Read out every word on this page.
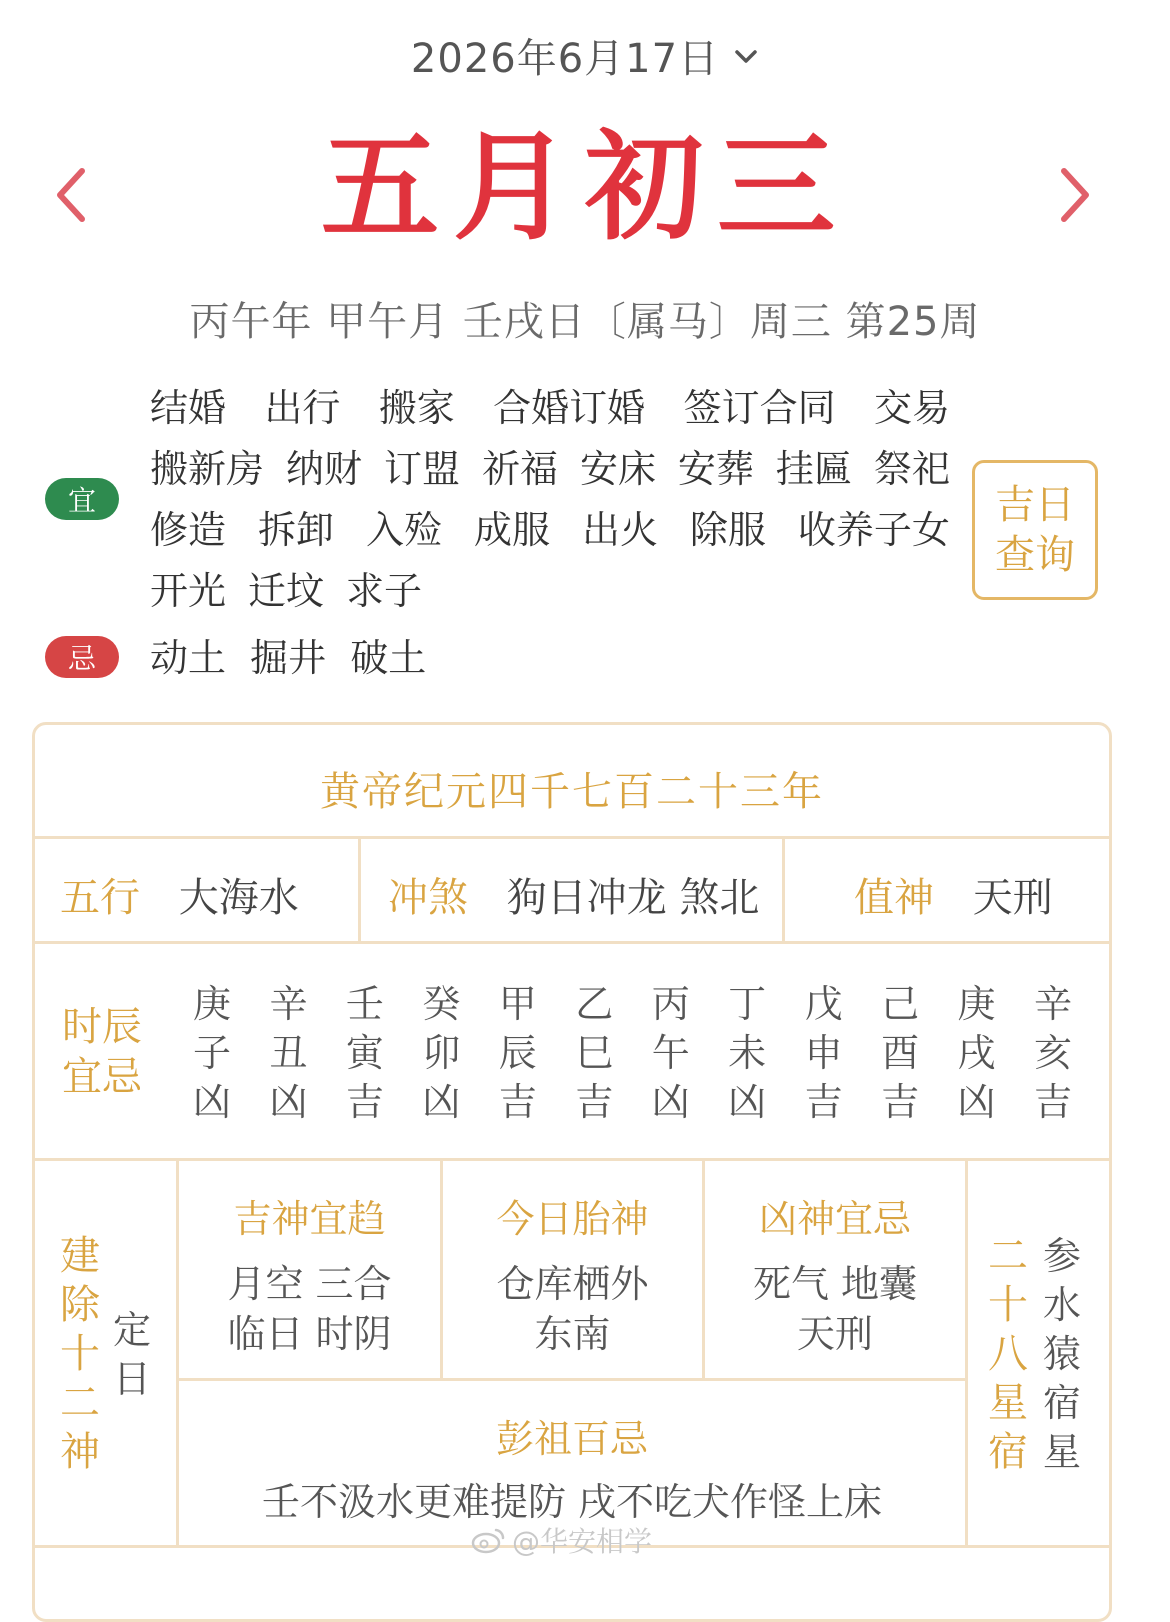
2026年6月17日
五月初三
丙午年 甲午月 壬戌日〔属马〕周三 第25周
宜
结婚 出行 搬家 合婚订婚 签订合同 交易
搬新房 纳财 订盟 祈福 安床 安葬 挂匾 祭祀
修造 拆卸 入殓 成服 出火 除服 收养子女
开光 迁坟 求子
忌	动土 掘井 破土
吉日
查询
黄帝纪元四千七百二十三年
五行 大海水 冲煞 狗日冲龙 煞北 值神 天刑
时辰
宜忌
庚
子
凶
辛
丑
凶
壬
寅
吉
癸
卯
凶
甲
辰
吉
乙
巳
吉
丙
午
凶
丁
未
凶
戊
申
吉
己
酉
吉
庚
戌
凶
辛
亥
吉
建
除
十
二
神
定
日
吉神宜趋
月空 三合
临日 时阴
今日胎神
仓库栖外
东南
凶神宜忌
死气 地囊
天刑
彭祖百忌
壬不汲水更难提防 戌不吃犬作怪上床
二
十
八
星
宿
参
水
猿
宿
星
@华安相学
